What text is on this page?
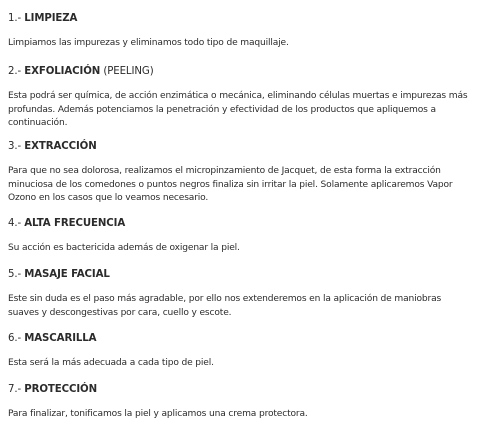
1.- LIMPIEZA

Limpiamos las impurezas y eliminamos todo tipo de maquillaje.

2.- EXFOLIACIÓN (PEELING)

Esta podrá ser química, de acción enzimática o mecánica, eliminando células muertas e impurezas más profundas. Además potenciamos la penetración y efectividad de los productos que apliquemos a continuación.

3.- EXTRACCIÓN

Para que no sea dolorosa, realizamos el micropinzamiento de Jacquet, de esta forma la extracción minuciosa de los comedones o puntos negros finaliza sin irritar la piel. Solamente aplicaremos Vapor Ozono en los casos que lo veamos necesario.

4.- ALTA FRECUENCIA

Su acción es bactericida además de oxigenar la piel.

5.- MASAJE FACIAL

Este sin duda es el paso más agradable, por ello nos extenderemos en la aplicación de maniobras suaves y descongestivas por cara, cuello y escote.

6.- MASCARILLA

Esta será la más adecuada a cada tipo de piel.

7.- PROTECCIÓN

Para finalizar, tonificamos la piel y aplicamos una crema protectora.
